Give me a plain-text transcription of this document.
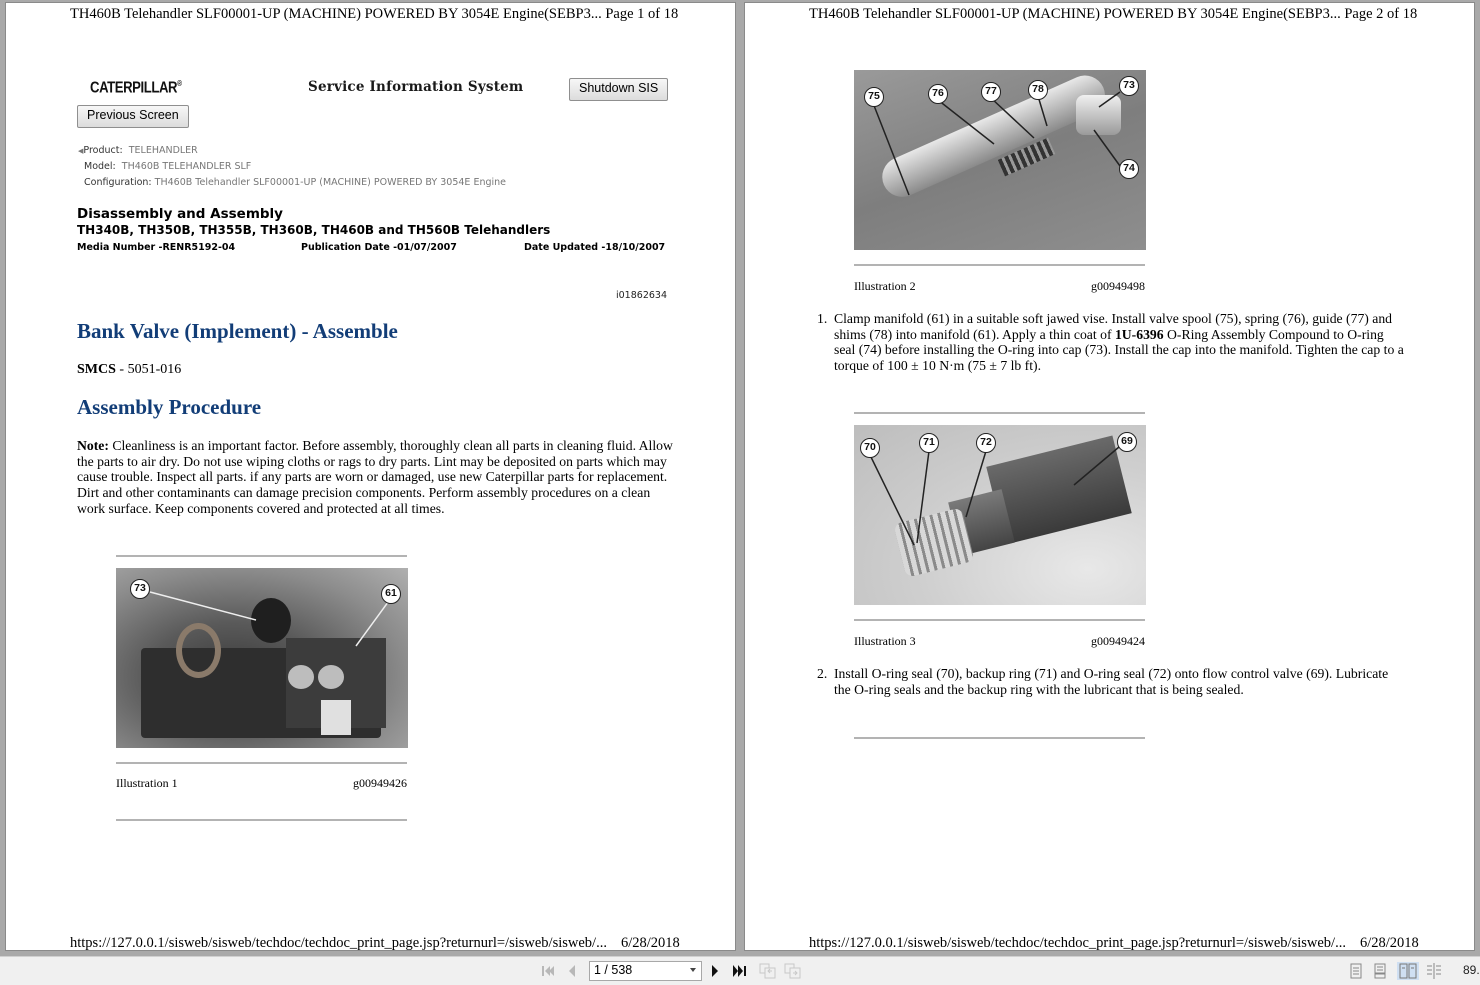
TH460B Telehandler SLF00001-UP (MACHINE) POWERED BY 3054E Engine(SEBP3... Page 1 of 18
CATERPILLAR®	Service Information System	Shutdown SIS
Previous Screen
◀Product: TELEHANDLER
Model: TH460B TELEHANDLER SLF
Configuration: TH460B Telehandler SLF00001-UP (MACHINE) POWERED BY 3054E Engine
Disassembly and Assembly
TH340B, TH350B, TH355B, TH360B, TH460B and TH560B Telehandlers
Media Number -RENR5192-04	Publication Date -01/07/2007	Date Updated -18/10/2007
i01862634
Bank Valve (Implement) - Assemble
SMCS - 5051-016
Assembly Procedure
Note: Cleanliness is an important factor. Before assembly, thoroughly clean all parts in cleaning fluid. Allow the parts to air dry. Do not use wiping cloths or rags to dry parts. Lint may be deposited on parts which may cause trouble. Inspect all parts. if any parts are worn or damaged, use new Caterpillar parts for replacement. Dirt and other contaminants can damage precision components. Perform assembly procedures on a clean work surface. Keep components covered and protected at all times.
73	61
Illustration 1	g00949426
https://127.0.0.1/sisweb/sisweb/techdoc/techdoc_print_page.jsp?returnurl=/sisweb/sisweb/... 6/28/2018
TH460B Telehandler SLF00001-UP (MACHINE) POWERED BY 3054E Engine(SEBP3... Page 2 of 18
75	76	77	78	73
74
Illustration 2	g00949498
1. Clamp manifold (61) in a suitable soft jawed vise. Install valve spool (75), spring (76), guide (77) and shims (78) into manifold (61). Apply a thin coat of 1U-6396 O-Ring Assembly Compound to O-ring seal (74) before installing the O-ring into cap (73). Install the cap into the manifold. Tighten the cap to a torque of 100 ± 10 N·m (75 ± 7 lb ft).
70	71	72	69
Illustration 3	g00949424
2. Install O-ring seal (70), backup ring (71) and O-ring seal (72) onto flow control valve (69). Lubricate the O-ring seals and the backup ring with the lubricant that is being sealed.
https://127.0.0.1/sisweb/sisweb/techdoc/techdoc_print_page.jsp?returnurl=/sisweb/sisweb/... 6/28/2018
1 / 538	89.
